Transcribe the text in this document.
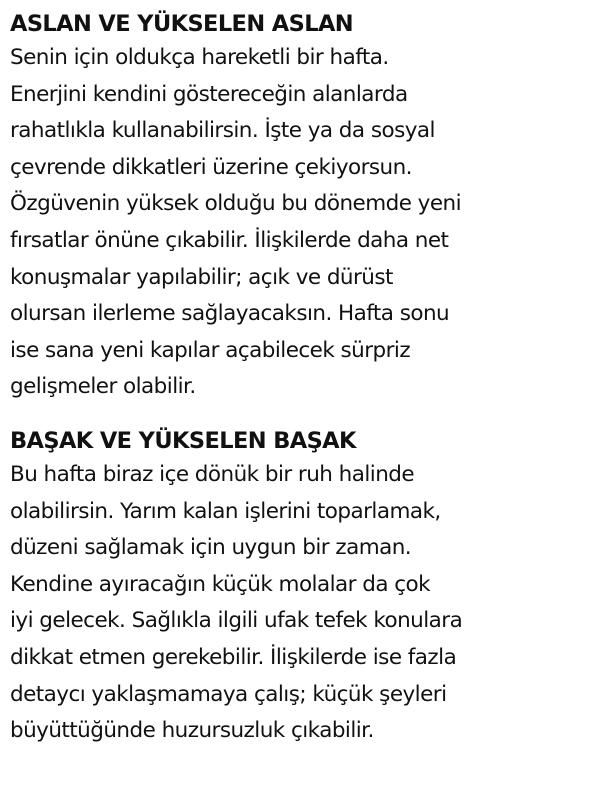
ASLAN VE YÜKSELEN ASLAN

Senin için oldukça hareketli bir hafta.
Enerjini kendini göstereceğin alanlarda
rahatlıkla kullanabilirsin. İşte ya da sosyal
çevrende dikkatleri üzerine çekiyorsun.
Özgüvenin yüksek olduğu bu dönemde yeni
fırsatlar önüne çıkabilir. İlişkilerde daha net
konuşmalar yapılabilir; açık ve dürüst
olursan ilerleme sağlayacaksın. Hafta sonu
ise sana yeni kapılar açabilecek sürpriz
gelişmeler olabilir.

BAŞAK VE YÜKSELEN BAŞAK

Bu hafta biraz içe dönük bir ruh halinde
olabilirsin. Yarım kalan işlerini toparlamak,
düzeni sağlamak için uygun bir zaman.
Kendine ayıracağın küçük molalar da çok
iyi gelecek. Sağlıkla ilgili ufak tefek konulara
dikkat etmen gerekebilir. İlişkilerde ise fazla
detaycı yaklaşmamaya çalış; küçük şeyleri
büyüttüğünde huzursuzluk çıkabilir.
